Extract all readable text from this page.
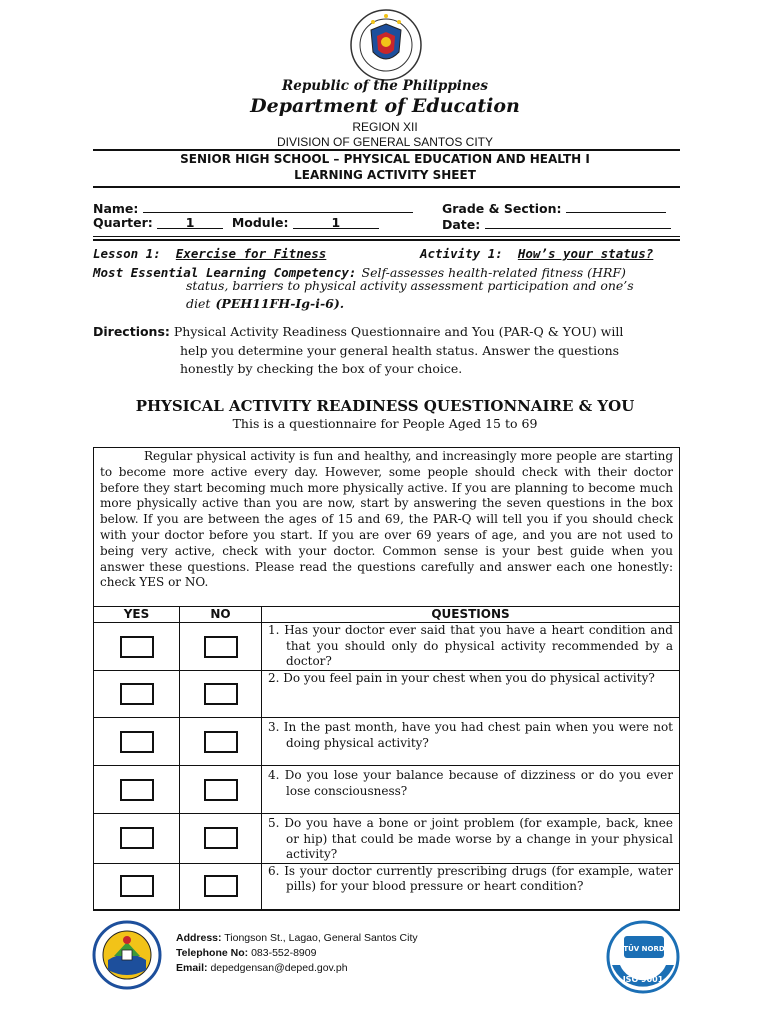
Republic of the Philippines
Department of Education
REGION XII
DIVISION OF GENERAL SANTOS CITY
SENIOR HIGH SCHOOL – PHYSICAL EDUCATION AND HEALTH I
LEARNING ACTIVITY SHEET
Name:	Grade & Section:
Quarter:	1	Module:	1	Date:
Lesson 1: Exercise for Fitness	Activity 1: How’s your status?
Most Essential Learning Competency: Self-assesses health-related fitness (HRF)
status, barriers to physical activity assessment participation and one’s
diet (PEH11FH-Ig-i-6).
Directions: Physical Activity Readiness Questionnaire and You (PAR-Q & YOU) will
help you determine your general health status. Answer the questions
honestly by checking the box of your choice.
PHYSICAL ACTIVITY READINESS QUESTIONNAIRE & YOU
This is a questionnaire for People Aged 15 to 69
Regular physical activity is fun and healthy, and increasingly more people are starting to become more active every day. However, some people should check with their doctor before they start becoming much more physically active. If you are planning to become much more physically active than you are now, start by answering the seven questions in the box below. If you are between the ages of 15 and 69, the PAR-Q will tell you if you should check with your doctor before you start. If you are over 69 years of age, and you are not used to being very active, check with your doctor. Common sense is your best guide when you answer these questions. Please read the questions carefully and answer each one honestly: check YES or NO.
YES	NO	QUESTIONS

		1. Has your doctor ever said that you have a heart condition and that you should only do physical activity recommended by a doctor?

		2. Do you feel pain in your chest when you do physical activity?

		3. In the past month, have you had chest pain when you were not doing physical activity?

		4. Do you lose your balance because of dizziness or do you ever lose consciousness?

		5. Do you have a bone or joint problem (for example, back, knee or hip) that could be made worse by a change in your physical activity?

		6. Is your doctor currently prescribing drugs (for example, water pills) for your blood pressure or heart condition?
Address: Tiongson St., Lagao, General Santos City
Telephone No: 083-552-8909
Email: depedgensan@deped.gov.ph
TÜV NORD
ISO 9001
